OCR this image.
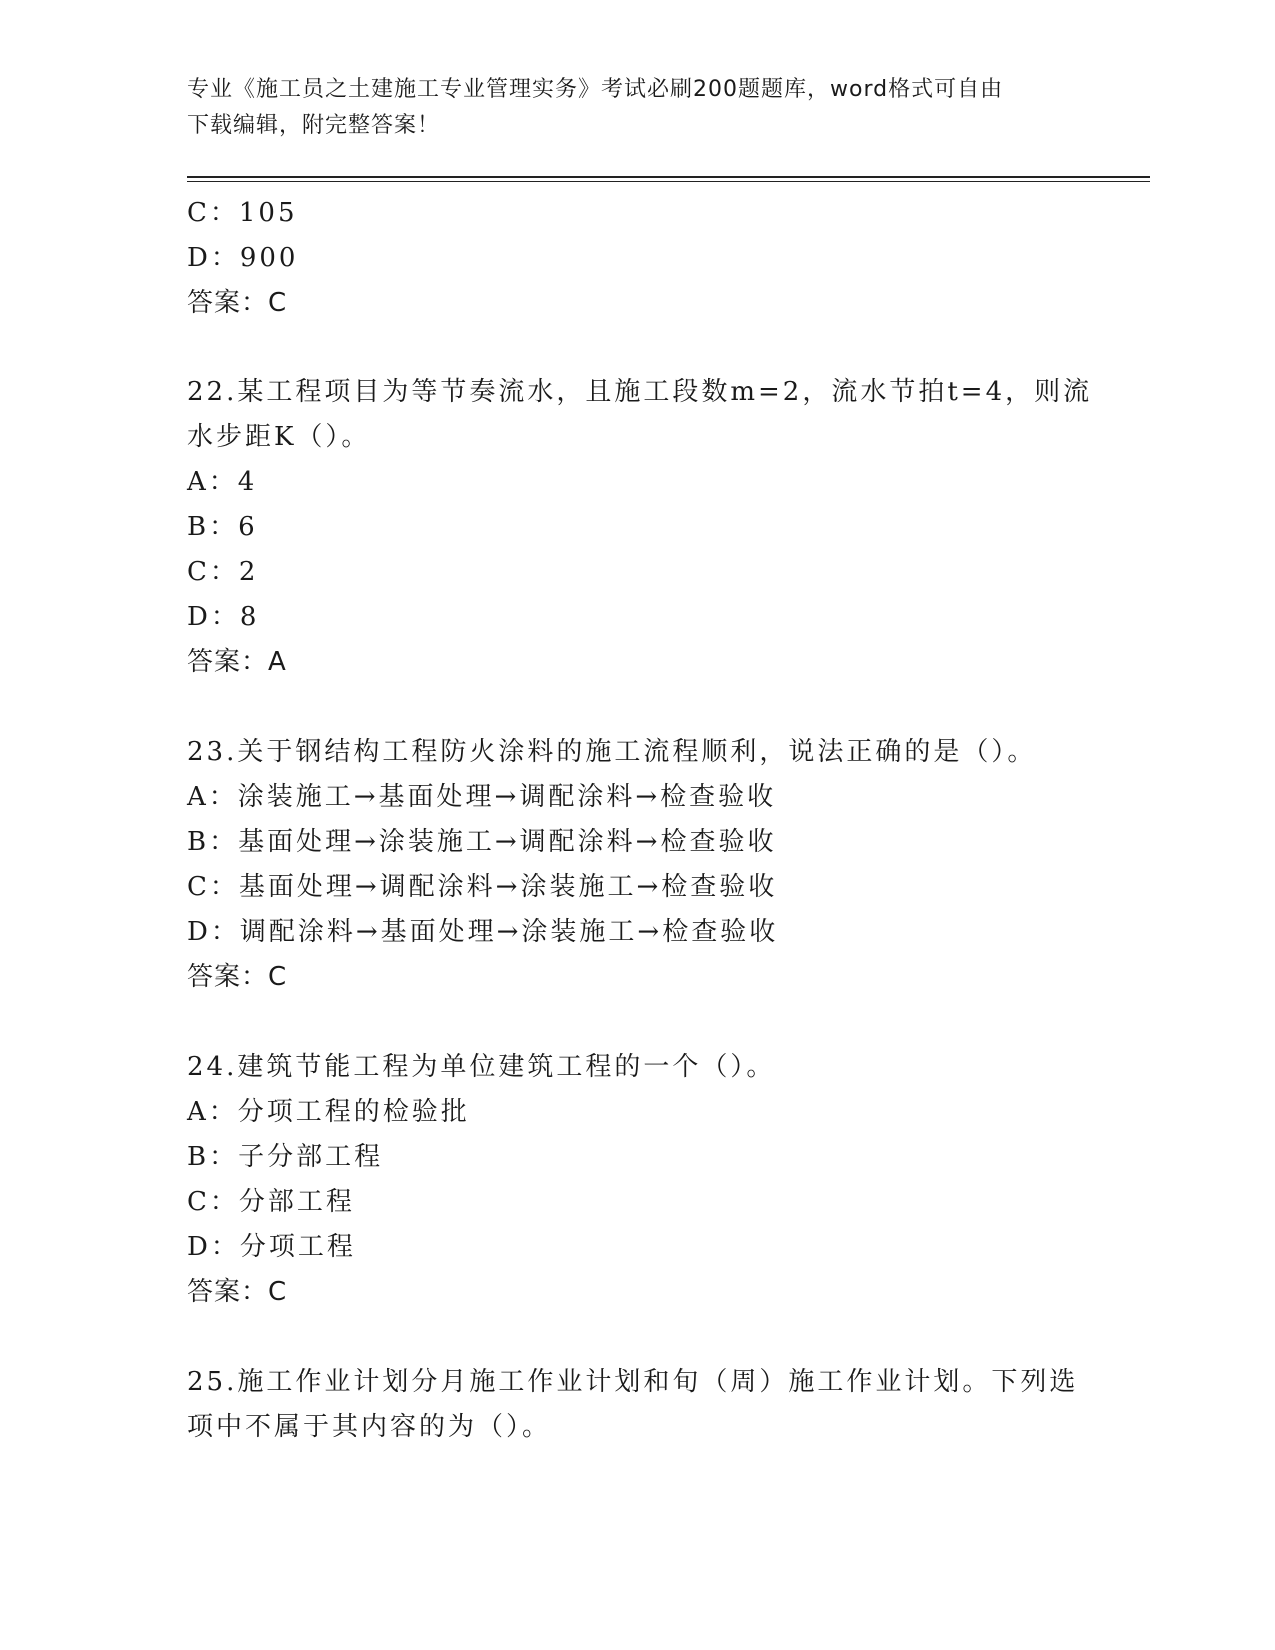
专业《施工员之土建施工专业管理实务》考试必刷200题题库，word格式可自由
下载编辑，附完整答案！
C：105
D：900
答案：C
22.某工程项目为等节奏流水，且施工段数m=2，流水节拍t=4，则流
水步距K（）。
A：4
B：6
C：2
D：8
答案：A
23.关于钢结构工程防火涂料的施工流程顺利，说法正确的是（）。
A：涂装施工→基面处理→调配涂料→检查验收
B：基面处理→涂装施工→调配涂料→检查验收
C：基面处理→调配涂料→涂装施工→检查验收
D：调配涂料→基面处理→涂装施工→检查验收
答案：C
24.建筑节能工程为单位建筑工程的一个（）。
A：分项工程的检验批
B：子分部工程
C：分部工程
D：分项工程
答案：C
25.施工作业计划分月施工作业计划和旬（周）施工作业计划。下列选
项中不属于其内容的为（）。
